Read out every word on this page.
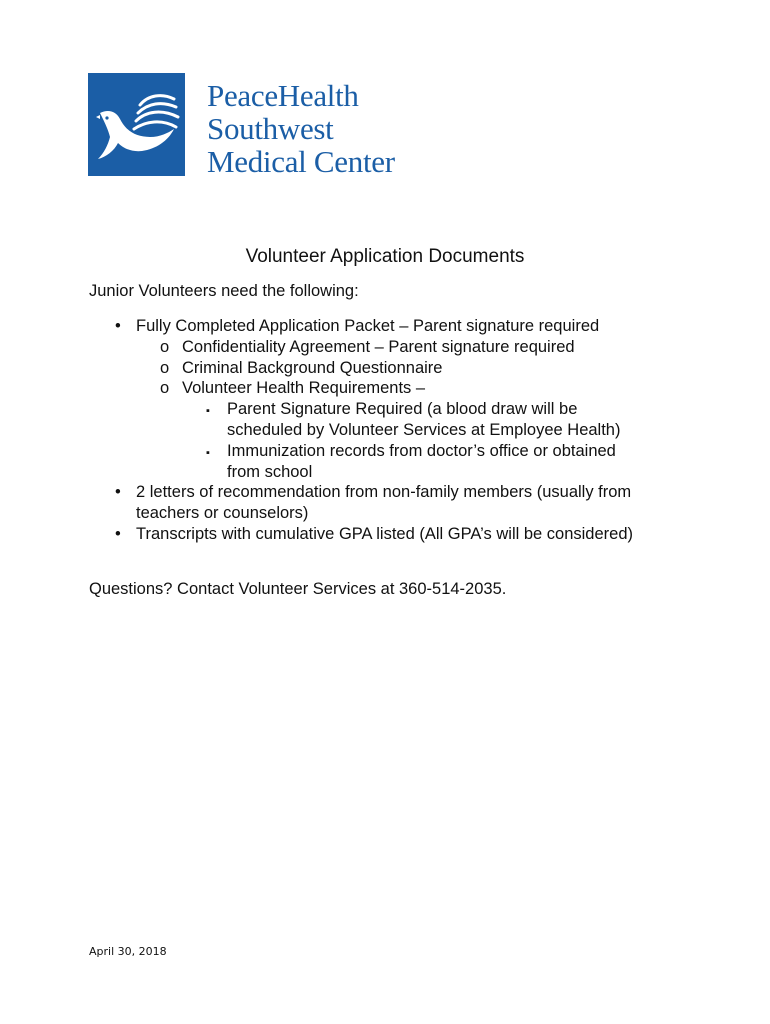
PeaceHealth
Southwest
Medical Center
Volunteer Application Documents

Junior Volunteers need the following:

• Fully Completed Application Packet – Parent signature required
o Confidentiality Agreement – Parent signature required
o Criminal Background Questionnaire
o Volunteer Health Requirements –
▪ Parent Signature Required (a blood draw will be
scheduled by Volunteer Services at Employee Health)
▪ Immunization records from doctor’s office or obtained
from school
• 2 letters of recommendation from non-family members (usually from
teachers or counselors)
• Transcripts with cumulative GPA listed (All GPA’s will be considered)

Questions? Contact Volunteer Services at 360-514-2035.

April 30, 2018
